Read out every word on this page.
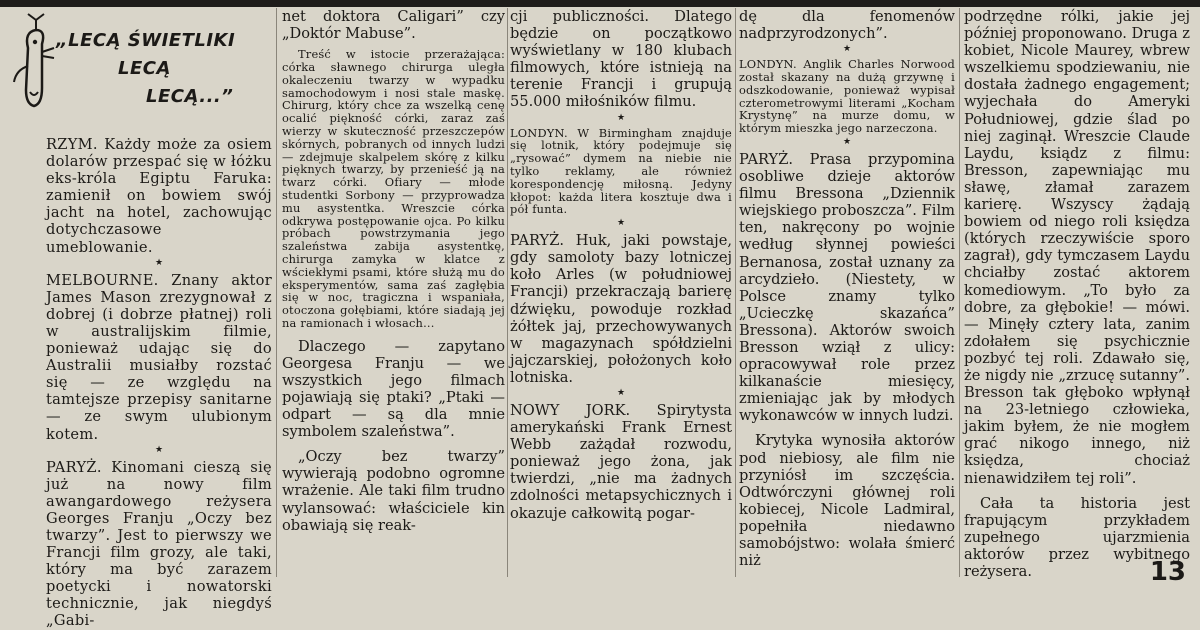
„LECĄ ŚWIETLIKI
LECĄ
LECĄ...”

RZYM. Każdy może za osiem dolarów przespać się w łóżku eks-króla Egiptu Faruka: zamienił on bowiem swój jacht na hotel, zachowując dotychczasowe umeblowanie.

★

MELBOURNE. Znany aktor James Mason zrezygnował z dobrej (i dobrze płatnej) roli w australijskim filmie, ponieważ udając się do Australii musiałby rozstać się — ze względu na tamtejsze przepisy sanitarne — ze swym ulubionym kotem.

★

PARYŻ. Kinomani cieszą się już na nowy film awangardowego reżysera Georges Franju „Oczy bez twarzy”. Jest to pierwszy we Francji film grozy, ale taki, który ma być zarazem poetycki i nowatorski technicznie, jak niegdyś „Gabi-

net doktora Caligari” czy „Doktór Mabuse”.

Treść w istocie przerażająca: córka sławnego chirurga uległa okaleczeniu twarzy w wypadku samochodowym i nosi stale maskę. Chirurg, który chce za wszelką cenę ocalić piękność córki, zaraz zaś wierzy w skuteczność przeszczepów skórnych, pobranych od innych ludzi — zdejmuje skalpelem skórę z kilku pięknych twarzy, by przenieść ją na twarz córki. Ofiary — młode studentki Sorbony — przyprowadza mu asystentka. Wreszcie córka odkrywa postępowanie ojca. Po kilku próbach powstrzymania jego szaleństwa zabija asystentkę, chirurga zamyka w klatce z wściekłymi psami, które służą mu do eksperymentów, sama zaś zagłębia się w noc, tragiczna i wspaniała, otoczona gołębiami, które siadają jej na ramionach i włosach...

Dlaczego — zapytano Georgesa Franju — we wszystkich jego filmach pojawiają się ptaki? „Ptaki — odpart — są dla mnie symbolem szaleństwa”.

„Oczy bez twarzy” wywierają podobno ogromne wrażenie. Ale taki film trudno wylansować: właściciele kin obawiają się reak-

cji publiczności. Dlatego będzie on początkowo wyświetlany w 180 klubach filmowych, które istnieją na terenie Francji i grupują 55.000 miłośników filmu.

★

LONDYN. W Birmingham znajduje się lotnik, który podejmuje się „rysować” dymem na niebie nie tylko reklamy, ale również korespondencję miłosną. Jedyny kłopot: każda litera kosztuje dwa i pół funta.

★

PARYŻ. Huk, jaki powstaje, gdy samoloty bazy lotniczej koło Arles (w południowej Francji) przekraczają barierę dźwięku, powoduje rozkład żółtek jaj, przechowywanych w magazynach spółdzielni jajczarskiej, położonych koło lotniska.

★

NOWY JORK. Spirytysta amerykański Frank Ernest Webb zażądał rozwodu, ponieważ jego żona, jak twierdzi, „nie ma żadnych zdolności metapsychicznych i okazuje całkowitą pogar-

dę dla fenomenów nadprzyrodzonych”.

★

LONDYN. Anglik Charles Norwood został skazany na dużą grzywnę i odszkodowanie, ponieważ wypisał czterometrowymi literami „Kocham Krystynę” na murze domu, w którym mieszka jego narzeczona.

★

PARYŻ. Prasa przypomina osobliwe dzieje aktorów filmu Bressona „Dziennik wiejskiego proboszcza”. Film ten, nakręcony po wojnie według słynnej powieści Bernanosa, został uznany za arcydzieło. (Niestety, w Polsce znamy tylko „Ucieczkę skazańca” Bressona). Aktorów swoich Bresson wziął z ulicy: opracowywał role przez kilkanaście miesięcy, zmieniając jak by młodych wykonawców w innych ludzi.

Krytyka wynosiła aktorów pod niebiosy, ale film nie przyniósł im szczęścia. Odtwórczyni głównej roli kobiecej, Nicole Ladmiral, popełniła niedawno samobójstwo: wolała śmierć niż

podrzędne rólki, jakie jej później proponowano. Druga z kobiet, Nicole Maurey, wbrew wszelkiemu spodziewaniu, nie dostała żadnego engagement; wyjechała do Ameryki Południowej, gdzie ślad po niej zaginął. Wreszcie Claude Laydu, ksiądz z filmu: Bresson, zapewniając mu sławę, złamał zarazem karierę. Wszyscy żądają bowiem od niego roli księdza (których rzeczywiście sporo zagrał), gdy tymczasem Laydu chciałby zostać aktorem komediowym. „To było za dobre, za głębokie! — mówi. — Minęły cztery lata, zanim zdołałem się psychicznie pozbyć tej roli. Zdawało się, że nigdy nie „zrzucę sutanny”. Bresson tak głęboko wpłynął na 23-letniego człowieka, jakim byłem, że nie mogłem grać nikogo innego, niż księdza, chociaż nienawidziłem tej roli”.

Cała ta historia jest frapującym przykładem zupełnego ujarzmienia aktorów przez wybitnego reżysera.	13
